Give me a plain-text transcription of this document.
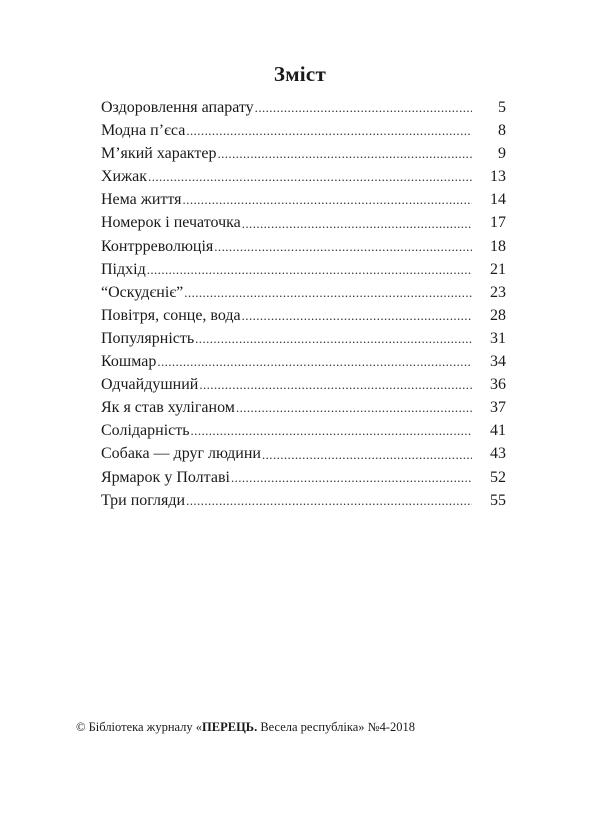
Зміст
Оздоровлення апарату .....	5
Модна п’єса .....	8
М’який характер .....	9
Хижак .....	13
Нема життя .....	14
Номерок і печаточка .....	17
Контрреволюція .....	18
Підхід .....	21
“Оскудєніє” .....	23
Повітря, сонце, вода .....	28
Популярність .....	31
Кошмар .....	34
Одчайдушний .....	36
Як я став хуліганом .....	37
Солідарність .....	41
Собака — друг людини .....	43
Ярмарок у Полтаві .....	52
Три погляди .....	55
© Бібліотека журналу «ПЕРЕЦЬ. Весела республіка» №4-2018
